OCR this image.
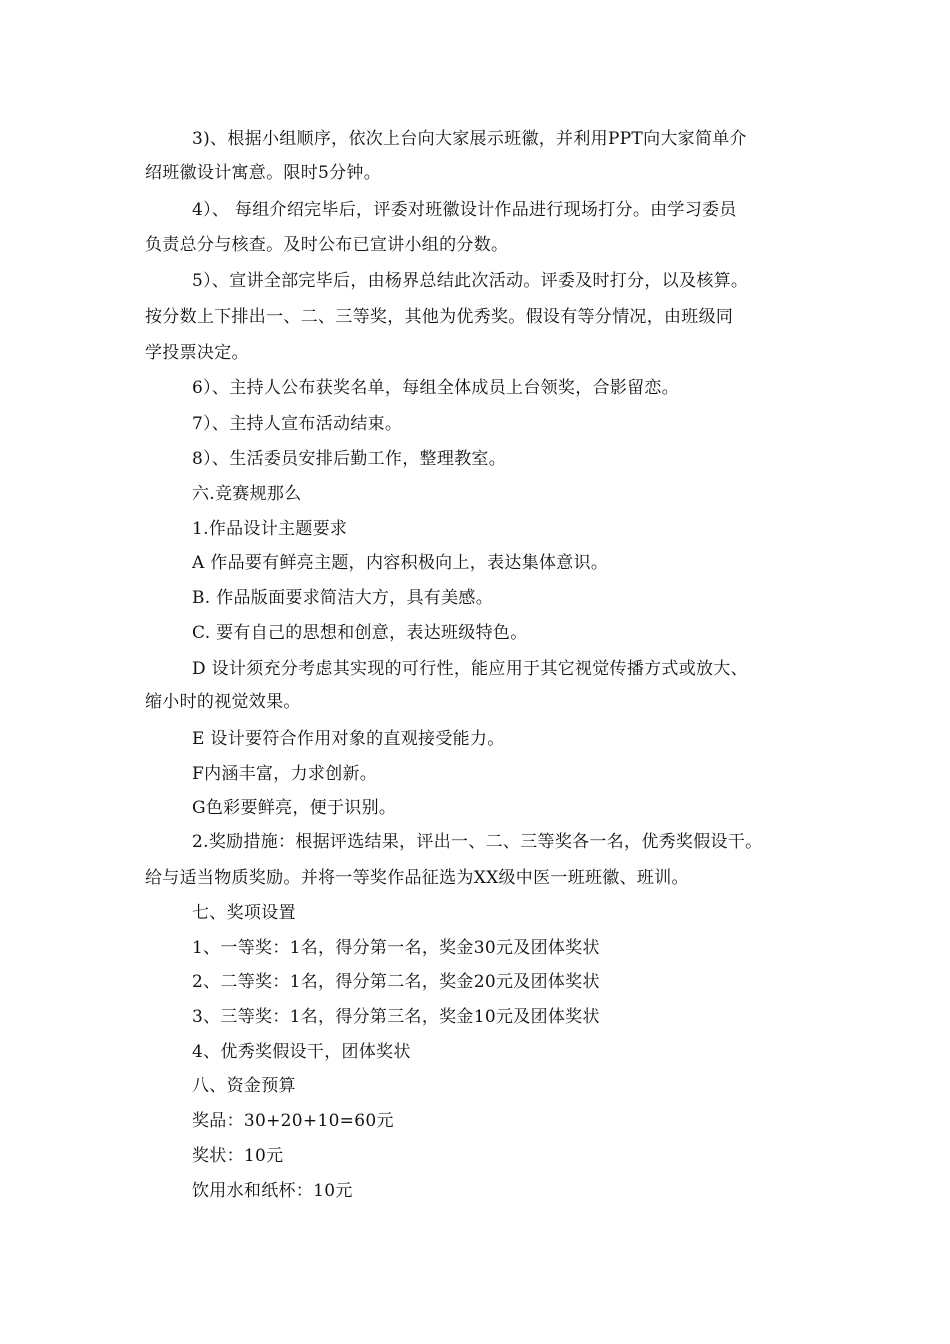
3)、根据小组顺序，依次上台向大家展示班徽，并利用PPT向大家简单介
绍班徽设计寓意。限时5分钟。
4）、 每组介绍完毕后，评委对班徽设计作品进行现场打分。由学习委员
负责总分与核查。及时公布已宣讲小组的分数。
5）、宣讲全部完毕后，由杨界总结此次活动。评委及时打分，以及核算。
按分数上下排出一、二、三等奖，其他为优秀奖。假设有等分情况，由班级同
学投票决定。
6）、主持人公布获奖名单，每组全体成员上台领奖，合影留恋。
7）、主持人宣布活动结束。
8）、生活委员安排后勤工作，整理教室。
六.竞赛规那么
1.作品设计主题要求
A 作品要有鲜亮主题，内容积极向上，表达集体意识。
B. 作品版面要求简洁大方，具有美感。
C. 要有自己的思想和创意，表达班级特色。
D 设计须充分考虑其实现的可行性，能应用于其它视觉传播方式或放大、
缩小时的视觉效果。
E 设计要符合作用对象的直观接受能力。
F内涵丰富，力求创新。
G色彩要鲜亮，便于识别。
2.奖励措施：根据评选结果，评出一、二、三等奖各一名，优秀奖假设干。
给与适当物质奖励。并将一等奖作品征选为XX级中医一班班徽、班训。
七、奖项设置
1、一等奖：1名，得分第一名，奖金30元及团体奖状
2、二等奖：1名，得分第二名，奖金20元及团体奖状
3、三等奖：1名，得分第三名，奖金10元及团体奖状
4、优秀奖假设干，团体奖状
八、资金预算
奖品：30+20+10=60元
奖状：10元
饮用水和纸杯：10元
